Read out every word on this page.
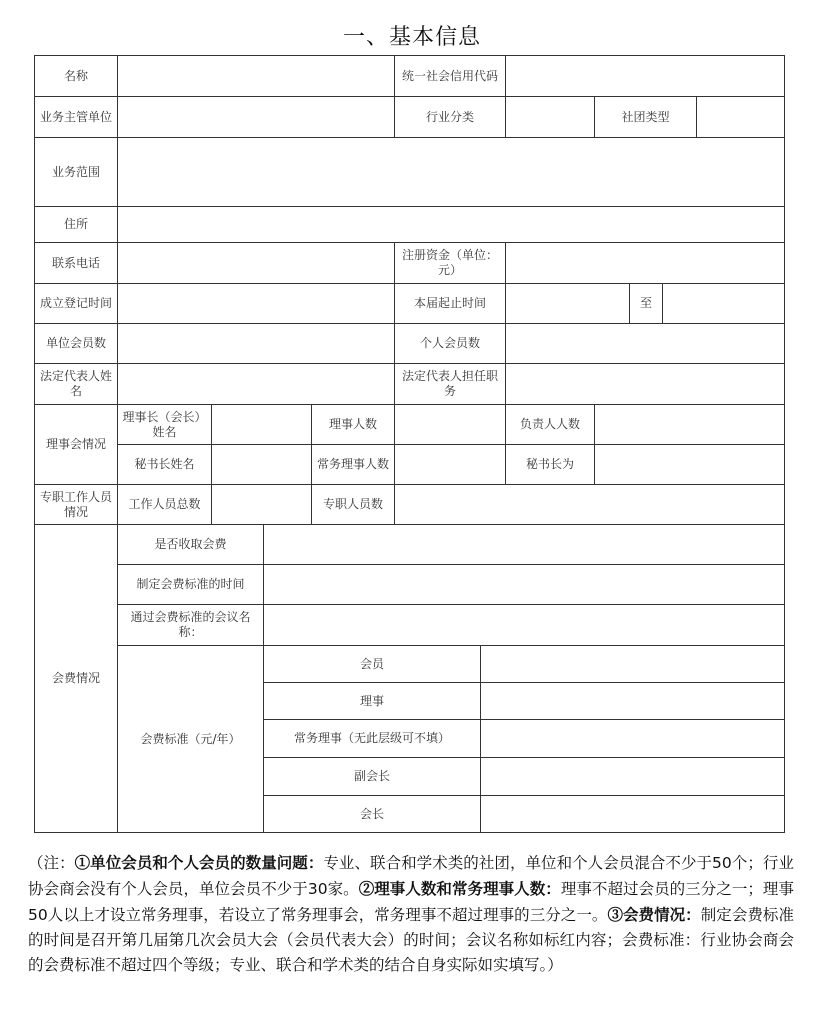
一、基本信息
名称				统一社会信用代码					
业务主管单位				行业分类		社团类型			
业务范围									
住所									
联系电话				注册资金（单位：元）					
成立登记时间				本届起止时间			至		
单位会员数				个人会员数					
法定代表人姓名				法定代表人担任职务					
理事会情况	理事长（会长）姓名		理事人数		负责人人数				
	秘书长姓名		常务理事人数		秘书长为				
专职工作人员情况	工作人员总数		专职人员数						
会费情况	是否收取会费		
	制定会费标准的时间		
	通过会费标准的会议名称：		
	会费标准（元/年）	会员	
		理事	
		常务理事（无此层级可不填）	
		副会长	
		会长	
（注：①单位会员和个人会员的数量问题：专业、联合和学术类的社团，单位和个人会员混合不少于50个；行业协会商会没有个人会员，单位会员不少于30家。②理事人数和常务理事人数：理事不超过会员的三分之一；理事50人以上才设立常务理事，若设立了常务理事会，常务理事不超过理事的三分之一。③会费情况：制定会费标准的时间是召开第几届第几次会员大会（会员代表大会）的时间；会议名称如标红内容；会费标准：行业协会商会的会费标准不超过四个等级；专业、联合和学术类的结合自身实际如实填写。）
